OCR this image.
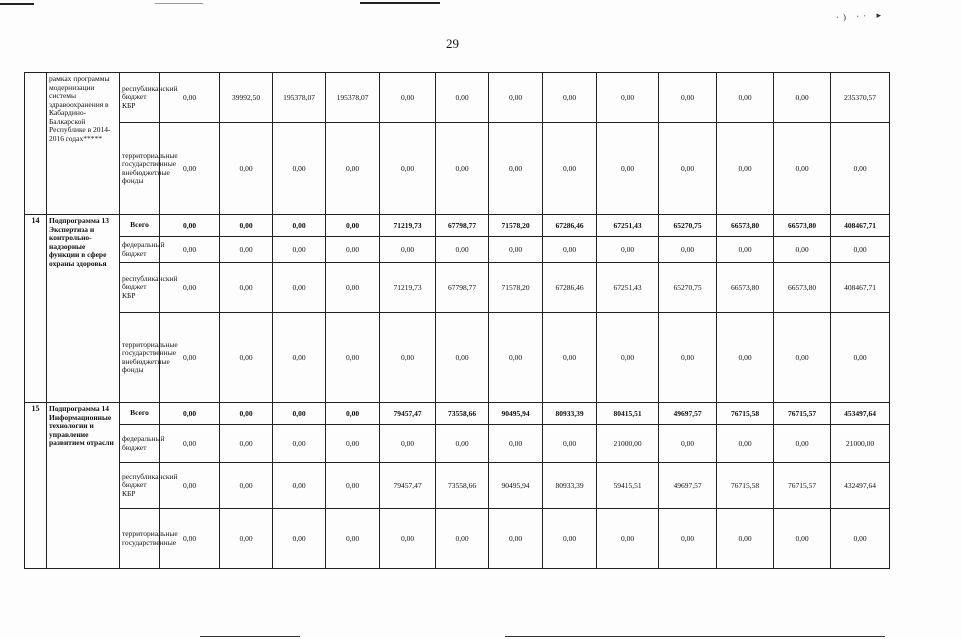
·) ·· ▸
29
	рамках программы модернизации системы здравоохранения в Кабардино-Балкарской Республике в 2014-2016 годах*****	республиканский бюджет КБР	0,00	39992,50	195378,07	195378,07	0,00	0,00	0,00	0,00	0,00	0,00	0,00	0,00	235370,57
		территориальные государственные внебюджетные фонды	0,00	0,00	0,00	0,00	0,00	0,00	0,00	0,00	0,00	0,00	0,00	0,00	0,00
14	Подпрограмма 13 Экспертиза и контрольно-надзорные функции в сфере охраны здоровья	Всего	0,00	0,00	0,00	0,00	71219,73	67798,77	71578,20	67286,46	67251,43	65270,75	66573,80	66573,80	408467,71
		федеральный бюджет	0,00	0,00	0,00	0,00	0,00	0,00	0,00	0,00	0,00	0,00	0,00	0,00	0,00
		республиканский бюджет КБР	0,00	0,00	0,00	0,00	71219,73	67798,77	71578,20	67286,46	67251,43	65270,75	66573,80	66573,80	408467,71
		территориальные государственные внебюджетные фонды	0,00	0,00	0,00	0,00	0,00	0,00	0,00	0,00	0,00	0,00	0,00	0,00	0,00
15	Подпрограмма 14 Информационные технологии и управление развитием отрасли	Всего	0,00	0,00	0,00	0,00	79457,47	73558,66	90495,94	80933,39	80415,51	49697,57	76715,58	76715,57	453497,64
		федеральный бюджет	0,00	0,00	0,00	0,00	0,00	0,00	0,00	0,00	21000,00	0,00	0,00	0,00	21000,00
		республиканский бюджет КБР	0,00	0,00	0,00	0,00	79457,47	73558,66	90495,94	80933,39	59415,51	49697,57	76715,58	76715,57	432497,64
		территориальные государственные	0,00	0,00	0,00	0,00	0,00	0,00	0,00	0,00	0,00	0,00	0,00	0,00	0,00
